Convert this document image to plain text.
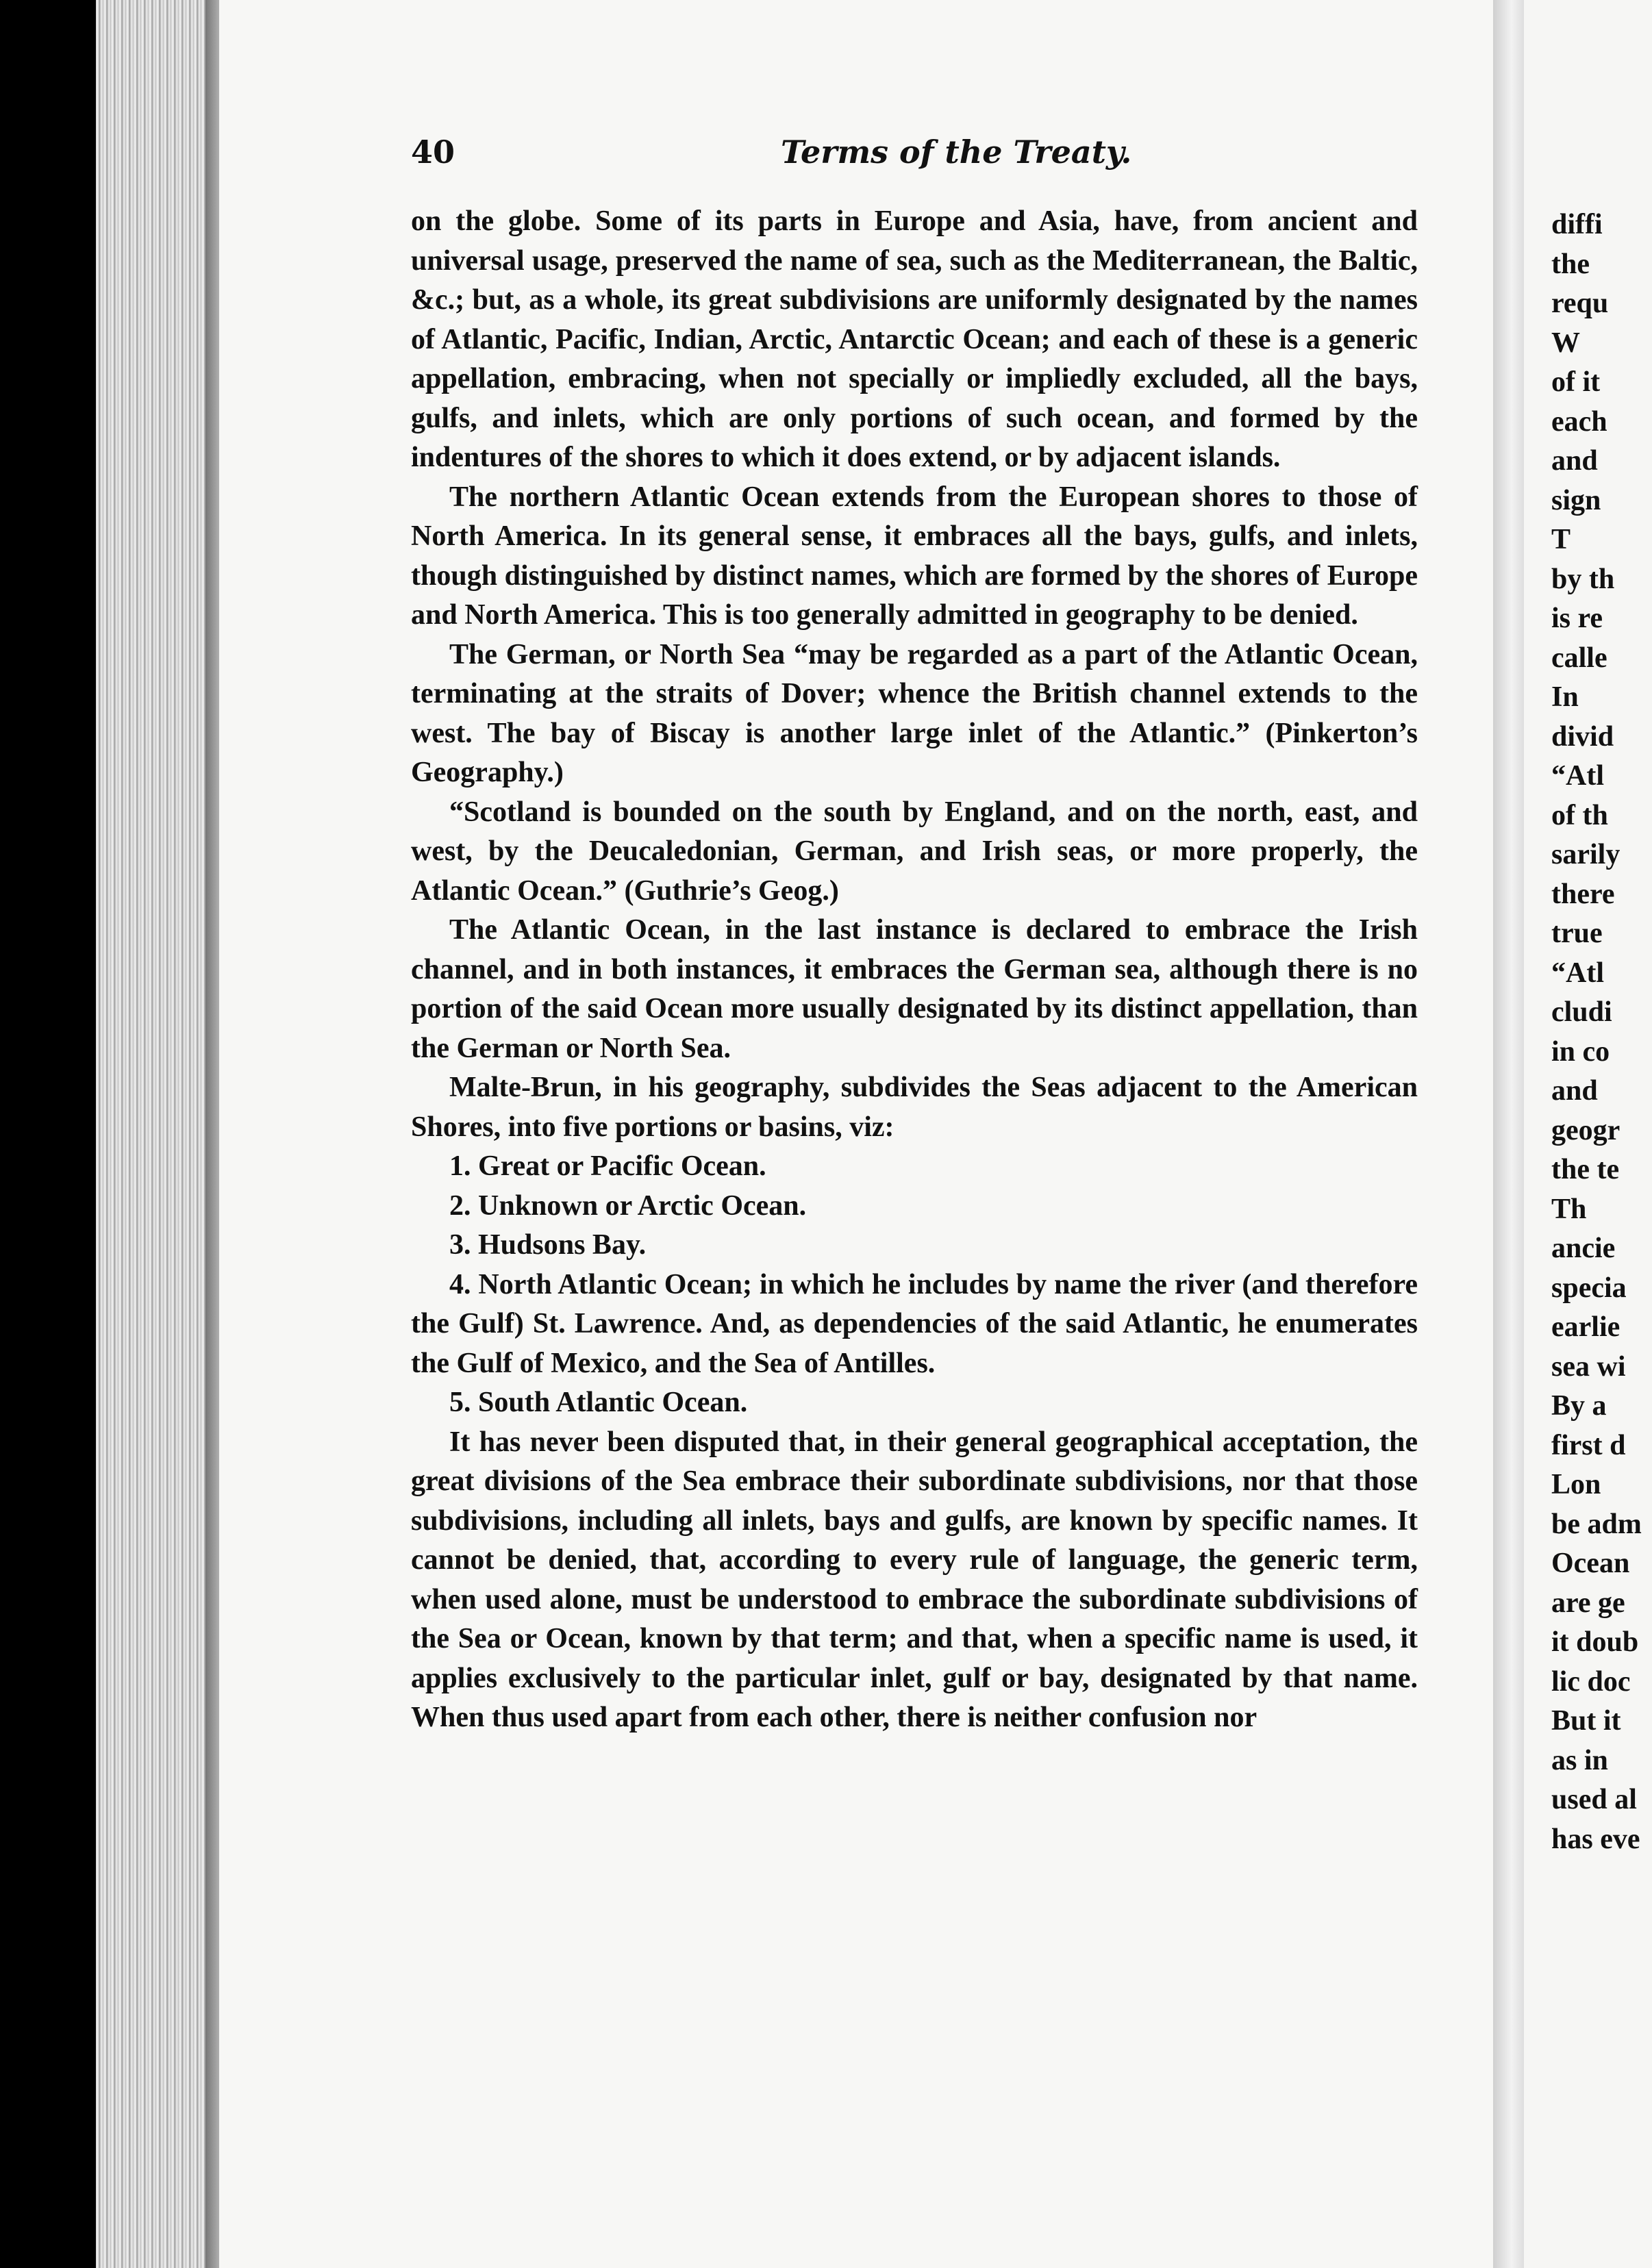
40	Terms of the Treaty.

on the globe. Some of its parts in Europe and Asia, have, from ancient and universal usage, preserved the name of sea, such as the Mediterranean, the Baltic, &c.; but, as a whole, its great subdivisions are uniformly designated by the names of Atlantic, Pacific, Indian, Arctic, Antarctic Ocean; and each of these is a generic appellation, embracing, when not specially or impliedly excluded, all the bays, gulfs, and inlets, which are only portions of such ocean, and formed by the indentures of the shores to which it does extend, or by adjacent islands.

The northern Atlantic Ocean extends from the European shores to those of North America. In its general sense, it embraces all the bays, gulfs, and inlets, though distinguished by distinct names, which are formed by the shores of Europe and North America. This is too generally admitted in geography to be denied.

The German, or North Sea “may be regarded as a part of the Atlantic Ocean, terminating at the straits of Dover; whence the British channel extends to the west. The bay of Biscay is another large inlet of the Atlantic.” (Pinkerton’s Geography.)

“Scotland is bounded on the south by England, and on the north, east, and west, by the Deucaledonian, German, and Irish seas, or more properly, the Atlantic Ocean.” (Guthrie’s Geog.)

The Atlantic Ocean, in the last instance is declared to embrace the Irish channel, and in both instances, it embraces the German sea, although there is no portion of the said Ocean more usually designated by its distinct appellation, than the German or North Sea.

Malte-Brun, in his geography, subdivides the Seas adjacent to the American Shores, into five portions or basins, viz:

1. Great or Pacific Ocean.

2. Unknown or Arctic Ocean.

3. Hudsons Bay.

4. North Atlantic Ocean; in which he includes by name the river (and therefore the Gulf) St. Lawrence. And, as dependencies of the said Atlantic, he enumerates the Gulf of Mexico, and the Sea of Antilles.

5. South Atlantic Ocean.

It has never been disputed that, in their general geographical acceptation, the great divisions of the Sea embrace their subordinate subdivisions, nor that those subdivisions, including all inlets, bays and gulfs, are known by specific names. It cannot be denied, that, according to every rule of language, the generic term, when used alone, must be understood to embrace the subordinate subdivisions of the Sea or Ocean, known by that term; and that, when a specific name is used, it applies exclusively to the particular inlet, gulf or bay, designated by that name. When thus used apart from each other, there is neither confusion nor

diffi
the
requ
W
of it
each
and
sign
T
by th
is re
calle
In
divid
“Atl
of th
sarily
there
true
“Atl
cludi
in co
and
geogr
the te
Th
ancie
specia
earlie
sea wi
By a
first d
Lon
be adm
Ocean
are ge
it doub
lic doc
But it
as in
used al
has eve
